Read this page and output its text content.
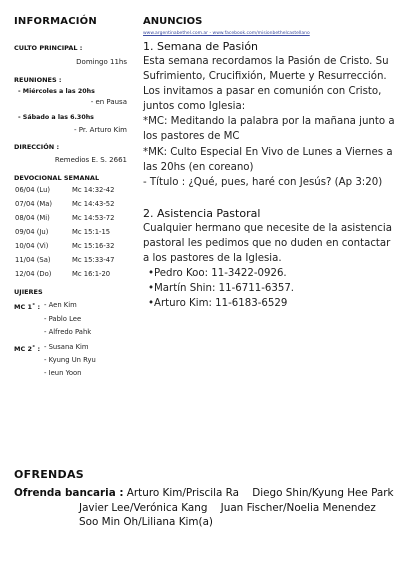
INFORMACIÓN
CULTO PRINCIPAL :
Domingo 11hs
REUNIONES :
- Miércoles a las 20hs
- en Pausa
- Sábado a las 6.30hs
- Pr. Arturo Kim
DIRECCIÓN :
Remedios E. S. 2661
DEVOCIONAL SEMANAL
06/04 (Lu)	Mc 14:32-42
07/04 (Ma)	Mc 14:43-52
08/04 (Mi)	Mc 14:53-72
09/04 (Ju)	Mc 15:1-15
10/04 (Vi)	Mc 15:16-32
11/04 (Sa)	Mc 15:33-47
12/04 (Do)	Mc 16:1-20
UJIERES
MC 1˚ : - Aen Kim
- Pablo Lee
- Alfredo Pahk
MC 2˚ : - Susana Kim
- Kyung Un Ryu
- Ieun Yoon
ANUNCIOS
www.argentinabethel.com.ar - www.facebook.com/misionbethelcastellano
1. Semana de Pasión
Esta semana recordamos la Pasión de Cristo. Su
Sufrimiento, Crucifixión, Muerte y Resurrección.
Los invitamos a pasar en comunión con Cristo,
juntos como Iglesia:
*MC: Meditando la palabra por la mañana junto a
los pastores de MC
*MK: Culto Especial En Vivo de Lunes a Viernes a
las 20hs (en coreano)
- Título : ¿Qué, pues, haré con Jesús? (Ap 3:20)
2. Asistencia Pastoral
Cualquier hermano que necesite de la asistencia
pastoral les pedimos que no duden en contactar
a los pastores de la Iglesia.
•Pedro Koo: 11-3422-0926.
•Martín Shin: 11-6711-6357.
•Arturo Kim: 11-6183-6529
OFRENDAS
Ofrenda bancaria : Arturo Kim/Priscila Ra    Diego Shin/Kyung Hee Park
Javier Lee/Verónica Kang    Juan Fischer/Noelia Menendez
Soo Min Oh/Liliana Kim(a)
